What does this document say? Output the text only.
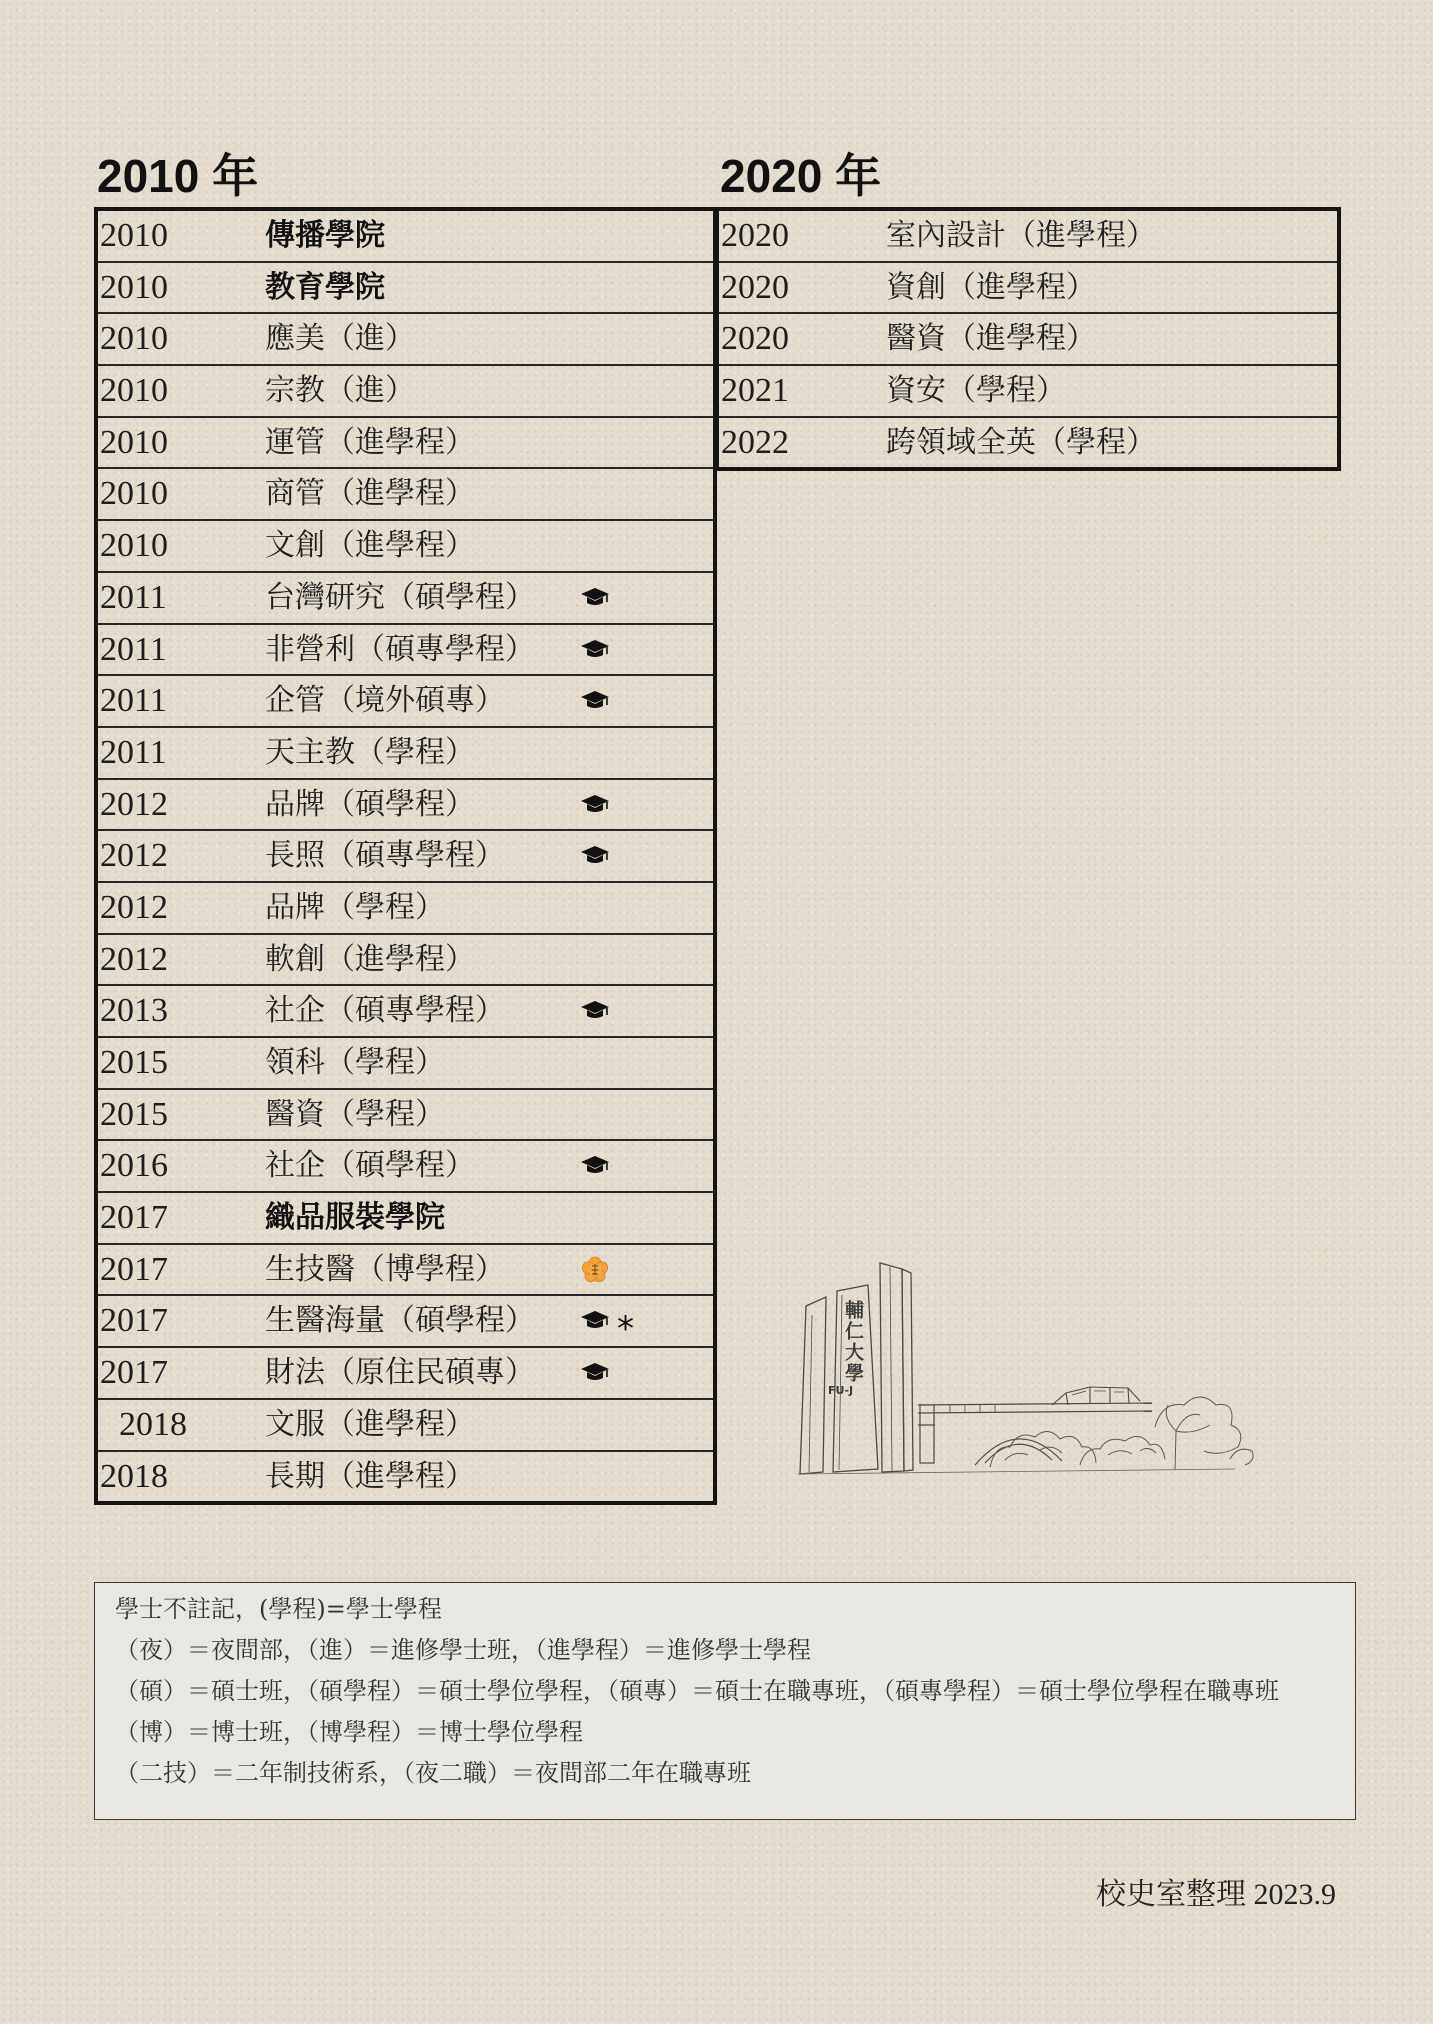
2010 年	2020 年
2010	傳播學院
2010	教育學院
2010	應美（進）
2010	宗教（進）
2010	運管（進學程）
2010	商管（進學程）
2010	文創（進學程）
2011	台灣研究（碩學程）
2011	非營利（碩專學程）
2011	企管（境外碩專）
2011	天主教（學程）
2012	品牌（碩學程）
2012	長照（碩專學程）
2012	品牌（學程）
2012	軟創（進學程）
2013	社企（碩專學程）
2015	領科（學程）
2015	醫資（學程）
2016	社企（碩學程）
2017	織品服裝學院
2017	生技醫（博學程）
2017	生醫海量（碩學程） *
2017	財法（原住民碩專）
2018	文服（進學程）
2018	長期（進學程）
2020	室內設計（進學程）
2020	資創（進學程）
2020	醫資（進學程）
2021	資安（學程）
2022	跨領域全英（學程）
輔仁大學
FU-J
學士不註記，(學程)=學士學程
（夜）＝夜間部，（進）＝進修學士班，（進學程）＝進修學士學程
（碩）＝碩士班，（碩學程）＝碩士學位學程，（碩專）＝碩士在職專班，（碩專學程）＝碩士學位學程在職專班
（博）＝博士班，（博學程）＝博士學位學程
（二技）＝二年制技術系，（夜二職）＝夜間部二年在職專班
校史室整理 2023.9
